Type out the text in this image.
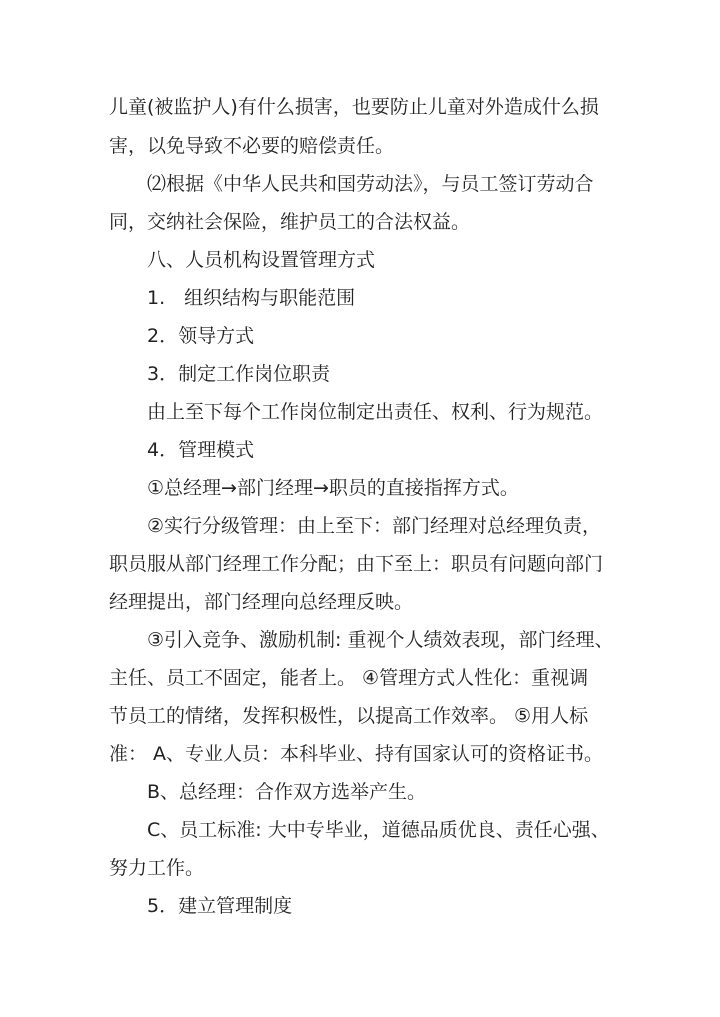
儿童(被监护人)有什么损害，也要防止儿童对外造成什么损
害，以免导致不必要的赔偿责任。
⑵根据《中华人民共和国劳动法》，与员工签订劳动合
同，交纳社会保险，维护员工的合法权益。
八、人员机构设置管理方式
1.　组织结构与职能范围
2．领导方式
3．制定工作岗位职责
由上至下每个工作岗位制定出责任、权利、行为规范。
4．管理模式
①总经理→部门经理→职员的直接指挥方式。
②实行分级管理：由上至下：部门经理对总经理负责，
职员服从部门经理工作分配；由下至上：职员有问题向部门
经理提出，部门经理向总经理反映。
③引入竞争、激励机制: 重视个人绩效表现，部门经理、
主任、员工不固定，能者上。 ④管理方式人性化：重视调
节员工的情绪，发挥积极性，以提高工作效率。 ⑤用人标
准： A、专业人员：本科毕业、持有国家认可的资格证书。
B、总经理：合作双方选举产生。
C、员工标准: 大中专毕业，道德品质优良、责任心强、
努力工作。
5．建立管理制度
